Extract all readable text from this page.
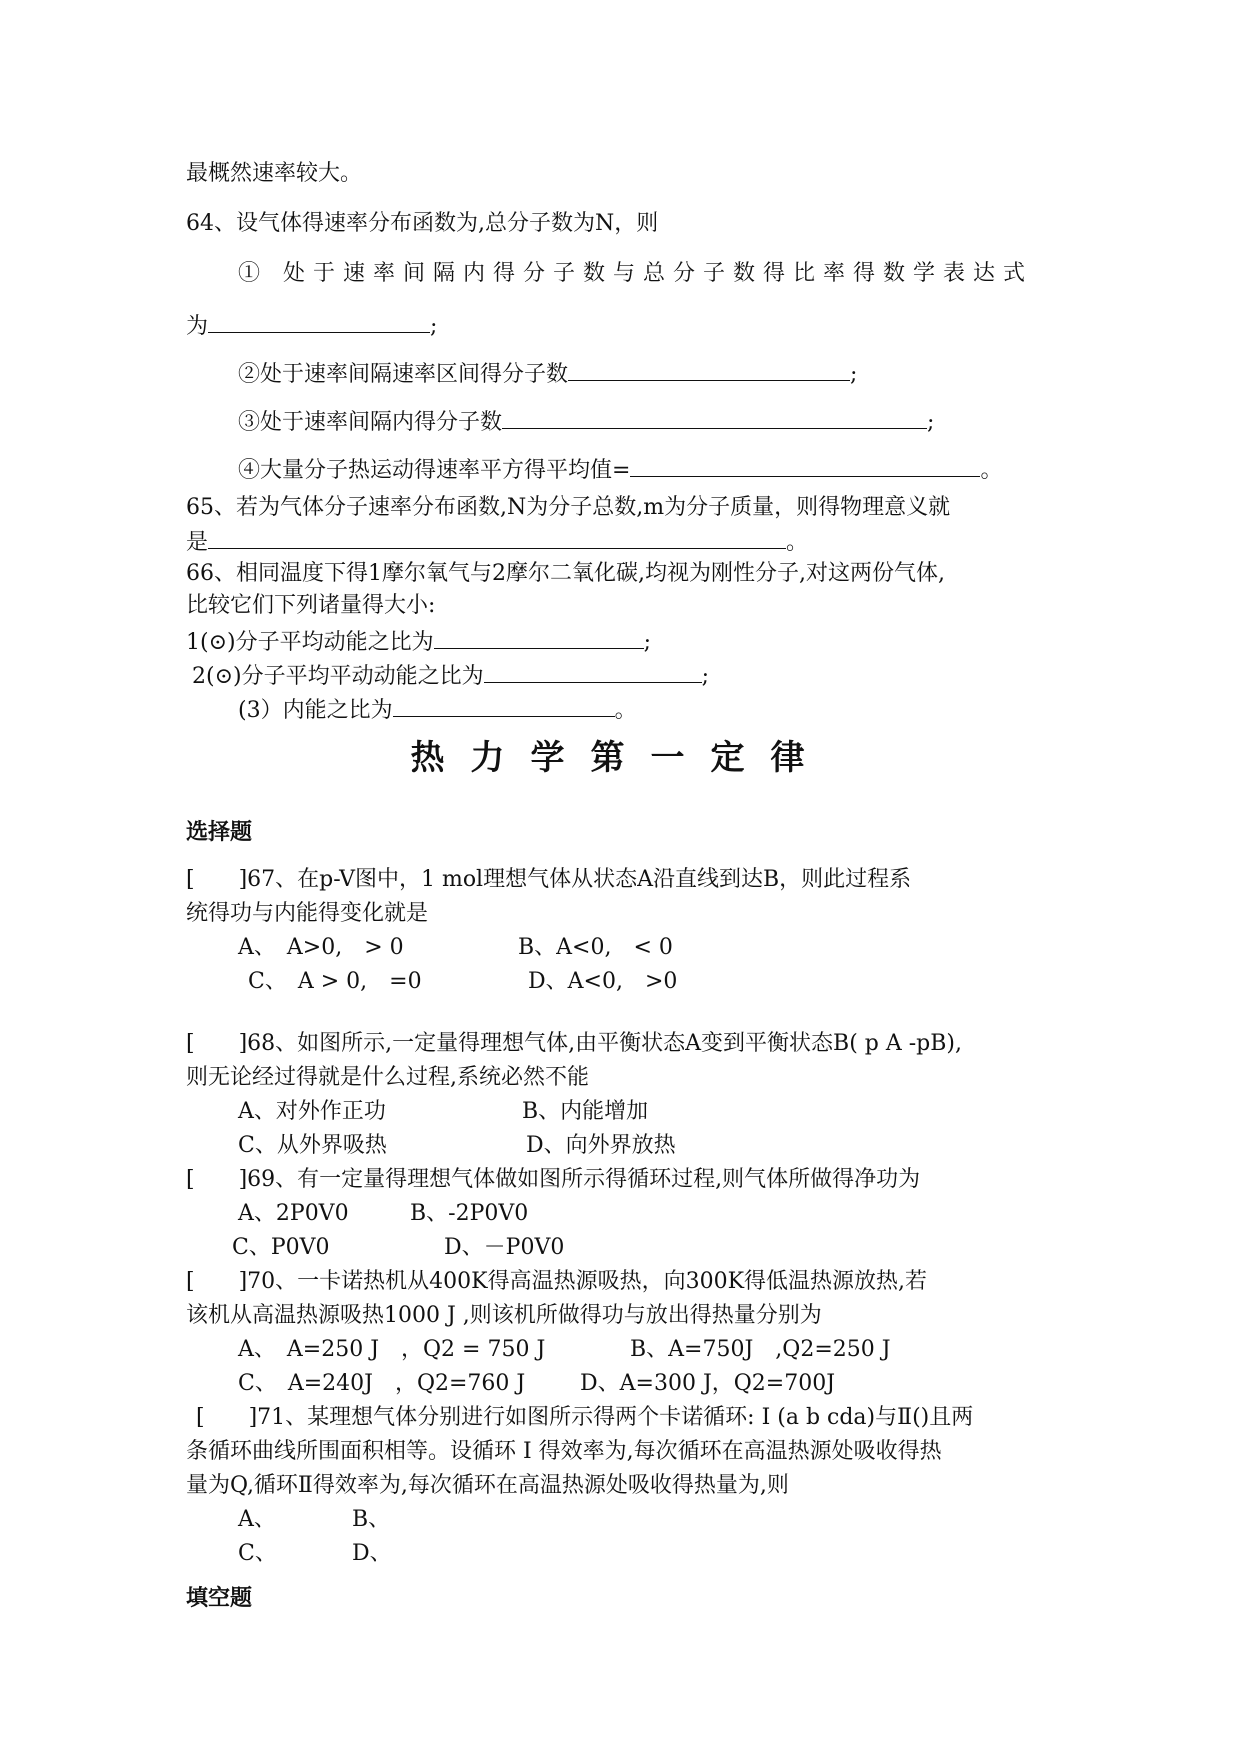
最概然速率较大。
64、设气体得速率分布函数为,总分子数为N，则
① 处于速率间隔内得分子数与总分子数得比率得数学表达式
为	;
②处于速率间隔速率区间得分子数	;
③处于速率间隔内得分子数	;
④大量分子热运动得速率平方得平均值=	。
65、若为气体分子速率分布函数,N为分子总数,m为分子质量，则得物理意义就
是	。
66、相同温度下得1摩尔氧气与2摩尔二氧化碳,均视为刚性分子,对这两份气体,
比较它们下列诸量得大小:
1(⊙)分子平均动能之比为	;
2(⊙)分子平均平动动能之比为	;
(3）内能之比为	。
热力学第一定律
选择题
[　　]67、在p-V图中，1 mol理想气体从状态A沿直线到达B，则此过程系
统得功与内能得变化就是
A、　A>0,　> 0	B、A<0,　< 0
C、　A > 0,　=0	D、A<0,　>0
[　　]68、如图所示,一定量得理想气体,由平衡状态A变到平衡状态B( p A -pB),
则无论经过得就是什么过程,系统必然不能
A、对外作正功	B、内能增加
C、从外界吸热	D、向外界放热
[　　]69、有一定量得理想气体做如图所示得循环过程,则气体所做得净功为
A、2P0V0	B、-2P0V0
C、P0V0	D、－P0V0
[　　]70、一卡诺热机从400K得高温热源吸热，向300K得低温热源放热,若
该机从高温热源吸热1000 J ,则该机所做得功与放出得热量分别为
A、　A=250 J　，Q2 = 750 J	B、A=750J　,Q2=250 J
C、　A=240J　，Q2=760 J D、A=300 J，Q2=700J
[　　]71、某理想气体分别进行如图所示得两个卡诺循环: I (a b cda)与Ⅱ()且两
条循环曲线所围面积相等。设循环 I 得效率为,每次循环在高温热源处吸收得热
量为Q,循环Ⅱ得效率为,每次循环在高温热源处吸收得热量为,则
A、	B、
C、	D、
填空题
